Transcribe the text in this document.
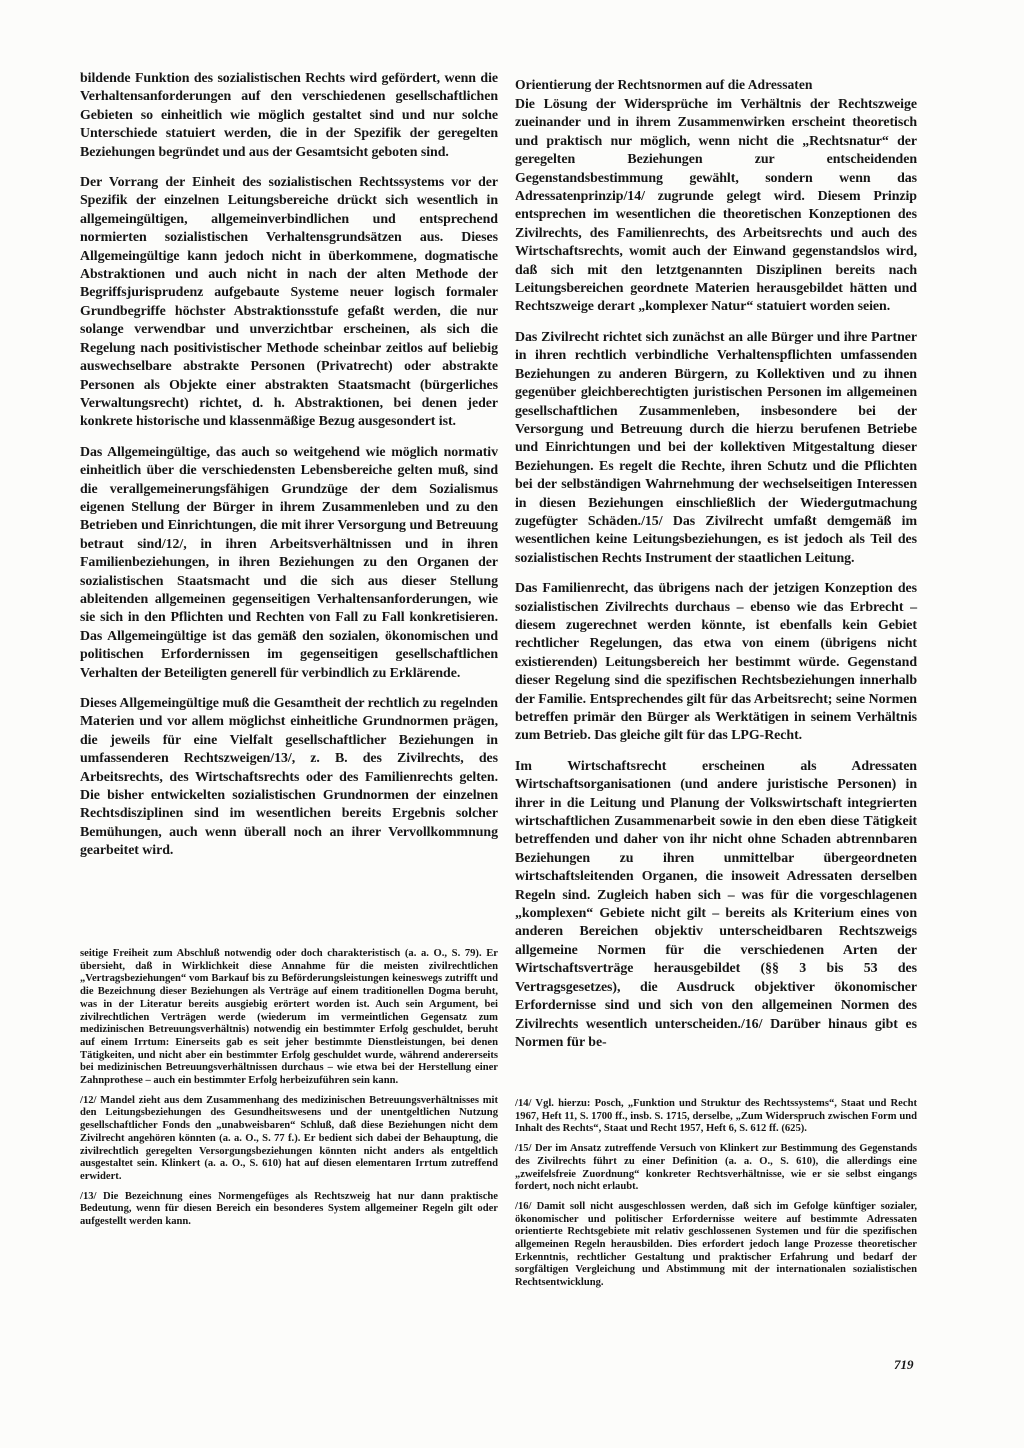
bildende Funktion des sozialistischen Rechts wird gefördert, wenn die Verhaltensanforderungen auf den verschiedenen gesellschaftlichen Gebieten so einheitlich wie möglich gestaltet sind und nur solche Unterschiede statuiert werden, die in der Spezifik der geregelten Beziehungen begründet und aus der Gesamtsicht geboten sind.

Der Vorrang der Einheit des sozialistischen Rechtssystems vor der Spezifik der einzelnen Leitungsbereiche drückt sich wesentlich in allgemeingültigen, allgemeinverbindlichen und entsprechend normierten sozialistischen Verhaltensgrundsätzen aus. Dieses Allgemeingültige kann jedoch nicht in überkommene, dogmatische Abstraktionen und auch nicht in nach der alten Methode der Begriffsjurisprudenz aufgebaute Systeme neuer logisch formaler Grundbegriffe höchster Abstraktionsstufe gefaßt werden, die nur solange verwendbar und unverzichtbar erscheinen, als sich die Regelung nach positivistischer Methode scheinbar zeitlos auf beliebig auswechselbare abstrakte Personen (Privatrecht) oder abstrakte Personen als Objekte einer abstrakten Staatsmacht (bürgerliches Verwaltungsrecht) richtet, d. h. Abstraktionen, bei denen jeder konkrete historische und klassenmäßige Bezug ausgesondert ist.

Das Allgemeingültige, das auch so weitgehend wie möglich normativ einheitlich über die verschiedensten Lebensbereiche gelten muß, sind die verallgemeinerungsfähigen Grundzüge der dem Sozialismus eigenen Stellung der Bürger in ihrem Zusammenleben und zu den Betrieben und Einrichtungen, die mit ihrer Versorgung und Betreuung betraut sind/12/, in ihren Arbeitsverhältnissen und in ihren Familienbeziehungen, in ihren Beziehungen zu den Organen der sozialistischen Staatsmacht und die sich aus dieser Stellung ableitenden allgemeinen gegenseitigen Verhaltensanforderungen, wie sie sich in den Pflichten und Rechten von Fall zu Fall konkretisieren. Das Allgemeingültige ist das gemäß den sozialen, ökonomischen und politischen Erfordernissen im gegenseitigen gesellschaftlichen Verhalten der Beteiligten generell für verbindlich zu Erklärende.

Dieses Allgemeingültige muß die Gesamtheit der rechtlich zu regelnden Materien und vor allem möglichst einheitliche Grundnormen prägen, die jeweils für eine Vielfalt gesellschaftlicher Beziehungen in umfassenderen Rechtszweigen/13/, z. B. des Zivilrechts, des Arbeitsrechts, des Wirtschaftsrechts oder des Familienrechts gelten. Die bisher entwickelten sozialistischen Grundnormen der einzelnen Rechtsdisziplinen sind im wesentlichen bereits Ergebnis solcher Bemühungen, auch wenn überall noch an ihrer Vervollkommnung gearbeitet wird.

Orientierung der Rechtsnormen auf die Adressaten

Die Lösung der Widersprüche im Verhältnis der Rechtszweige zueinander und in ihrem Zusammenwirken erscheint theoretisch und praktisch nur möglich, wenn nicht die „Rechtsnatur“ der geregelten Beziehungen zur entscheidenden Gegenstandsbestimmung gewählt, sondern wenn das Adressatenprinzip/14/ zugrunde gelegt wird. Diesem Prinzip entsprechen im wesentlichen die theoretischen Konzeptionen des Zivilrechts, des Familienrechts, des Arbeitsrechts und auch des Wirtschaftsrechts, womit auch der Einwand gegenstandslos wird, daß sich mit den letztgenannten Disziplinen bereits nach Leitungsbereichen geordnete Materien herausgebildet hätten und Rechtszweige derart „komplexer Natur“ statuiert worden seien.

Das Zivilrecht richtet sich zunächst an alle Bürger und ihre Partner in ihren rechtlich verbindliche Verhaltenspflichten umfassenden Beziehungen zu anderen Bürgern, zu Kollektiven und zu ihnen gegenüber gleichberechtigten juristischen Personen im allgemeinen gesellschaftlichen Zusammenleben, insbesondere bei der Versorgung und Betreuung durch die hierzu berufenen Betriebe und Einrichtungen und bei der kollektiven Mitgestaltung dieser Beziehungen. Es regelt die Rechte, ihren Schutz und die Pflichten bei der selbständigen Wahrnehmung der wechselseitigen Interessen in diesen Beziehungen einschließlich der Wiedergutmachung zugefügter Schäden./15/ Das Zivilrecht umfaßt demgemäß im wesentlichen keine Leitungsbeziehungen, es ist jedoch als Teil des sozialistischen Rechts Instrument der staatlichen Leitung.

Das Familienrecht, das übrigens nach der jetzigen Konzeption des sozialistischen Zivilrechts durchaus – ebenso wie das Erbrecht – diesem zugerechnet werden könnte, ist ebenfalls kein Gebiet rechtlicher Regelungen, das etwa von einem (übrigens nicht existierenden) Leitungsbereich her bestimmt würde. Gegenstand dieser Regelung sind die spezifischen Rechtsbeziehungen innerhalb der Familie. Entsprechendes gilt für das Arbeitsrecht; seine Normen betreffen primär den Bürger als Werktätigen in seinem Verhältnis zum Betrieb. Das gleiche gilt für das LPG-Recht.

Im Wirtschaftsrecht erscheinen als Adressaten Wirtschaftsorganisationen (und andere juristische Personen) in ihrer in die Leitung und Planung der Volkswirtschaft integrierten wirtschaftlichen Zusammenarbeit sowie in den eben diese Tätigkeit betreffenden und daher von ihr nicht ohne Schaden abtrennbaren Beziehungen zu ihren unmittelbar übergeordneten wirtschaftsleitenden Organen, die insoweit Adressaten derselben Regeln sind. Zugleich haben sich – was für die vorgeschlagenen „komplexen“ Gebiete nicht gilt – bereits als Kriterium eines von anderen Bereichen objektiv unterscheidbaren Rechtszweigs allgemeine Normen für die verschiedenen Arten der Wirtschaftsverträge herausgebildet (§§ 3 bis 53 des Vertragsgesetzes), die Ausdruck objektiver ökonomischer Erfordernisse sind und sich von den allgemeinen Normen des Zivilrechts wesentlich unterscheiden./16/ Darüber hinaus gibt es Normen für be-

seitige Freiheit zum Abschluß notwendig oder doch charakteristisch (a. a. O., S. 79). Er übersieht, daß in Wirklichkeit diese Annahme für die meisten zivilrechtlichen „Vertragsbeziehungen“ vom Barkauf bis zu Beförderungsleistungen keineswegs zutrifft und die Bezeichnung dieser Beziehungen als Verträge auf einem traditionellen Dogma beruht, was in der Literatur bereits ausgiebig erörtert worden ist. Auch sein Argument, bei zivilrechtlichen Verträgen werde (wiederum im vermeintlichen Gegensatz zum medizinischen Betreuungsverhältnis) notwendig ein bestimmter Erfolg geschuldet, beruht auf einem Irrtum: Einerseits gab es seit jeher bestimmte Dienstleistungen, bei denen Tätigkeiten, und nicht aber ein bestimmter Erfolg geschuldet wurde, während andererseits bei medizinischen Betreuungsverhältnissen durchaus – wie etwa bei der Herstellung einer Zahnprothese – auch ein bestimmter Erfolg herbeizuführen sein kann.

/12/ Mandel zieht aus dem Zusammenhang des medizinischen Betreuungsverhältnisses mit den Leitungsbeziehungen des Gesundheitswesens und der unentgeltlichen Nutzung gesellschaftlicher Fonds den „unabweisbaren“ Schluß, daß diese Beziehungen nicht dem Zivilrecht angehören könnten (a. a. O., S. 77 f.). Er bedient sich dabei der Behauptung, die zivilrechtlich geregelten Versorgungsbeziehungen könnten nicht anders als entgeltlich ausgestaltet sein. Klinkert (a. a. O., S. 610) hat auf diesen elementaren Irrtum zutreffend erwidert.

/13/ Die Bezeichnung eines Normengefüges als Rechtszweig hat nur dann praktische Bedeutung, wenn für diesen Bereich ein besonderes System allgemeiner Regeln gilt oder aufgestellt werden kann.

/14/ Vgl. hierzu: Posch, „Funktion und Struktur des Rechtssystems“, Staat und Recht 1967, Heft 11, S. 1700 ff., insb. S. 1715, derselbe, „Zum Widerspruch zwischen Form und Inhalt des Rechts“, Staat und Recht 1957, Heft 6, S. 612 ff. (625).

/15/ Der im Ansatz zutreffende Versuch von Klinkert zur Bestimmung des Gegenstands des Zivilrechts führt zu einer Definition (a. a. O., S. 610), die allerdings eine „zweifelsfreie Zuordnung“ konkreter Rechtsverhältnisse, wie er sie selbst eingangs fordert, noch nicht erlaubt.

/16/ Damit soll nicht ausgeschlossen werden, daß sich im Gefolge künftiger sozialer, ökonomischer und politischer Erfordernisse weitere auf bestimmte Adressaten orientierte Rechtsgebiete mit relativ geschlossenen Systemen und für die spezifischen allgemeinen Regeln herausbilden. Dies erfordert jedoch lange Prozesse theoretischer Erkenntnis, rechtlicher Gestaltung und praktischer Erfahrung und bedarf der sorgfältigen Vergleichung und Abstimmung mit der internationalen sozialistischen Rechtsentwicklung.

719
